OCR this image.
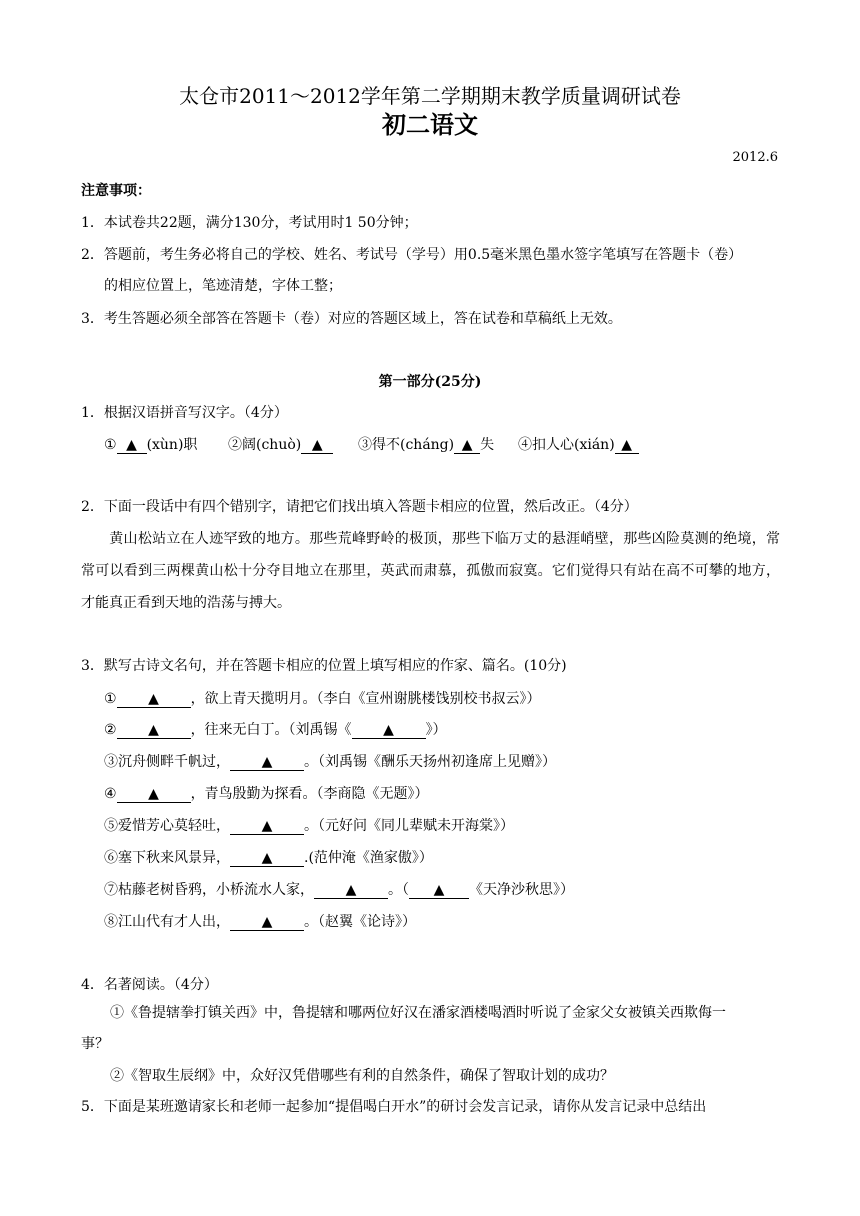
太仓市2011～2012学年第二学期期末教学质量调研试卷
初二语文
2012.6
注意事项：
1．本试卷共22题，满分130分，考试用时1 50分钟；
2．答题前，考生务必将自己的学校、姓名、考试号（学号）用0.5毫米黑色墨水签字笔填写在答题卡（卷）
的相应位置上，笔迹清楚，字体工整；
3．考生答题必须全部答在答题卡（卷）对应的答题区域上，答在试卷和草稿纸上无效。
第一部分(25分)
1．根据汉语拼音写汉字。（4分）
① ▲ (xùn)职 ②阔(chuò) ▲	③得不(cháng) ▲ 失 ④扣人心(xián) ▲
2．下面一段话中有四个错别字，请把它们找出填入答题卡相应的位置，然后改正。（4分）
黄山松站立在人迹罕致的地方。那些荒峰野岭的极顶，那些下临万丈的悬涯峭壁，那些凶险莫测的绝境，常常可以看到三两棵黄山松十分夺目地立在那里，英武而肃慕，孤傲而寂寞。它们觉得只有站在高不可攀的地方，才能真正看到天地的浩荡与搏大。
3．默写古诗文名句，并在答题卡相应的位置上填写相应的作家、篇名。(10分)
① ▲ ，欲上青天揽明月。（李白《宣州谢朓楼饯别校书叔云》）
② ▲ ，往来无白丁。（刘禹锡《 ▲ 》）
③沉舟侧畔千帆过， ▲ 。（刘禹锡《酬乐天扬州初逢席上见赠》）
④ ▲ ，青鸟殷勤为探看。（李商隐《无题》）
⑤爱惜芳心莫轻吐， ▲ 。（元好问《同儿辈赋未开海棠》）
⑥塞下秋来风景异， ▲ .(范仲淹《渔家傲》）
⑦枯藤老树昏鸦，小桥流水人家， ▲ 。（ ▲ 《天净沙秋思》）
⑧江山代有才人出， ▲ 。（赵翼《论诗》）
4．名著阅读。（4分）
①《鲁提辖拳打镇关西》中，鲁提辖和哪两位好汉在潘家酒楼喝酒时听说了金家父女被镇关西欺侮一
事？
②《智取生辰纲》中，众好汉凭借哪些有利的自然条件，确保了智取计划的成功？
5．下面是某班邀请家长和老师一起参加“提倡喝白开水”的研讨会发言记录，请你从发言记录中总结出
